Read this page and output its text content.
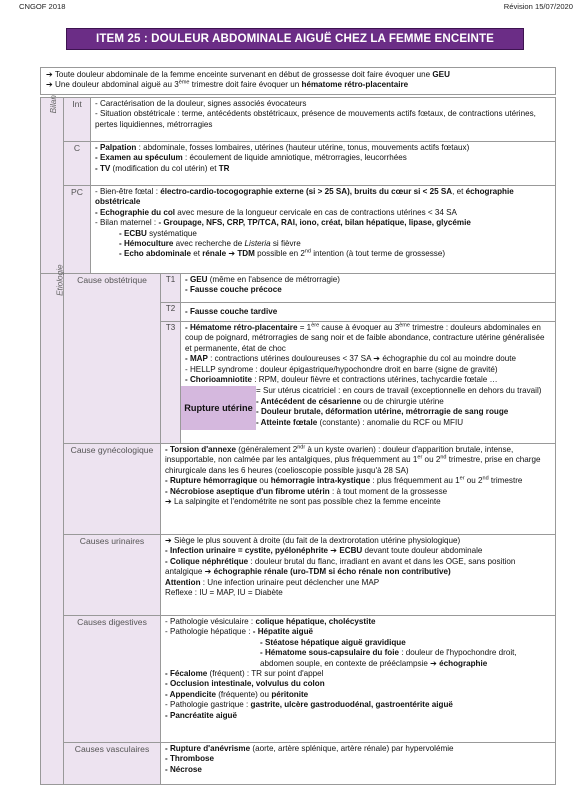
CNGOF 2018	Révision 15/07/2020
ITEM 25 : DOULEUR ABDOMINALE AIGUË CHEZ LA FEMME ENCEINTE
➔ Toute douleur abdominale de la femme enceinte survenant en début de grossesse doit faire évoquer une GEU
➔ Une douleur abdominal aiguë au 3ème trimestre doit faire évoquer un hématome rétro-placentaire
Bilan	Int	- Caractérisation de la douleur, signes associés évocateurs
- Situation obstétricale : terme, antécédents obstétricaux, présence de mouvements actifs fœtaux, de contractions utérines, pertes liquidiennes, métrorragies

C	- Palpation : abdominale, fosses lombaires, utérines (hauteur utérine, tonus, mouvements actifs fœtaux)
- Examen au spéculum : écoulement de liquide amniotique, métrorragies, leucorrhées
- TV (modification du col utérin) et TR

PC	- Bien-être fœtal : électro-cardio-tocogographie externe (si > 25 SA), bruits du cœur si < 25 SA, et échographie obstétricale
- Echographie du col avec mesure de la longueur cervicale en cas de contractions utérines < 34 SA
- Bilan maternel : - Groupage, NFS, CRP, TP/TCA, RAI, iono, créat, bilan hépatique, lipase, glycémie
- ECBU systématique
- Hémoculture avec recherche de Listeria si fièvre
- Echo abdominale et rénale ➔ TDM possible en 2nd intention (à tout terme de grossesse)

Etiologie	Cause obstétrique	T1	- GEU (même en l'absence de métrorragie)
- Fausse couche précoce

T2	- Fausse couche tardive

T3	- Hématome rétro-placentaire = 1ère cause à évoquer au 3ème trimestre : douleurs abdominales en coup de poignard, métrorragies de sang noir et de faible abondance, contracture utérine généralisée et permanente, état de choc
- MAP : contractions utérines douloureuses < 37 SA ➔ échographie du col au moindre doute
- HELLP syndrome : douleur épigastrique/hypochondre droit en barre (signe de gravité)
- Chorioamniotite : RPM, douleur fièvre et contractions utérines, tachycardie fœtale …
Rupture utérine	
= Sur utérus cicatriciel : en cours de travail (exceptionnelle en dehors du travail)
- Antécédent de césarienne ou de chirurgie utérine
- Douleur brutale, déformation utérine, métrorragie de sang rouge
- Atteinte fœtale (constante) : anomalie du RCF ou MFIU

Cause gynécologique	- Torsion d'annexe (généralement $2^{ndr}$ à un kyste ovarien) : douleur d'apparition brutale, intense, insupportable, non calmée par les antalgiques, plus fréquemment au 1er ou 2nd trimestre, prise en charge chirurgicale dans les 6 heures (coelioscopie possible jusqu'à 28 SA)
- Rupture hémorragique ou hémorragie intra-kystique : plus fréquemment au 1er ou 2nd trimestre
- Nécrobiose aseptique d'un fibrome utérin : à tout moment de la grossesse
➔ La salpingite et l'endométrite ne sont pas possible chez la femme enceinte

Causes urinaires	➔ Siège le plus souvent à droite (du fait de la dextrorotation utérine physiologique)
- Infection urinaire = cystite, pyélonéphrite ➔ ECBU devant toute douleur abdominale
- Colique néphrétique : douleur brutal du flanc, irradiant en avant et dans les OGE, sans position antalgique ➔ échographie rénale (uro-TDM si écho rénale non contributive)
Attention : Une infection urinaire peut déclencher une MAP
Reflexe : IU = MAP, IU = Diabète

Causes digestives	- Pathologie vésiculaire : colique hépatique, cholécystite
- Pathologie hépatique : - Hépatite aiguë
- Stéatose hépatique aiguë gravidique
- Hématome sous-capsulaire du foie : douleur de l'hypochondre droit, abdomen souple, en contexte de prééclampsie ➔ échographie
- Fécalome (fréquent) : TR sur point d'appel
- Occlusion intestinale, volvulus du colon
- Appendicite (fréquente) ou péritonite
- Pathologie gastrique : gastrite, ulcère gastroduodénal, gastroentérite aiguë
- Pancréatite aiguë

Causes vasculaires	- Rupture d'anévrisme (aorte, artère splénique, artère rénale) par hypervolémie
- Thrombose
- Nécrose
